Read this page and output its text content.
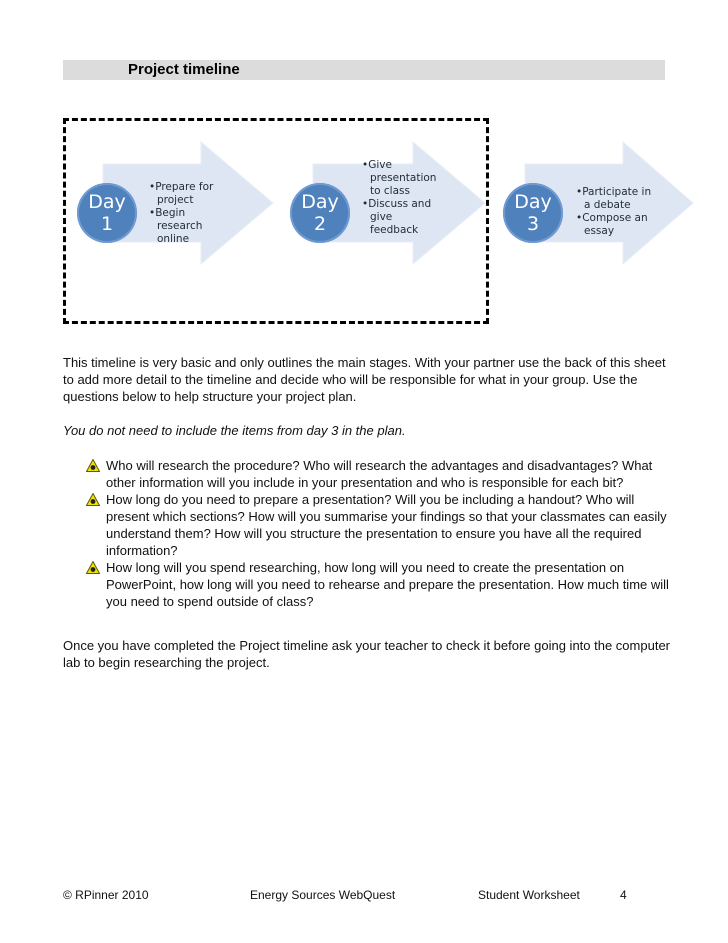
Project timeline
Day
1
Day
2
Day
3
•Prepare for project
•Begin research online
•Give presentation to class
•Discuss and give feedback
•Participate in a debate
•Compose an essay
This timeline is very basic and only outlines the main stages. With your partner use the back of this sheet to add more detail to the timeline and decide who will be responsible for what in your group. Use the questions below to help structure your project plan.
You do not need to include the items from day 3 in the plan.
Who will research the procedure? Who will research the advantages and disadvantages? What other information will you include in your presentation and who is responsible for each bit?
How long do you need to prepare a presentation? Will you be including a handout? Who will present which sections? How will you summarise your findings so that your classmates can easily understand them? How will you structure the presentation to ensure you have all the required information?
How long will you spend researching, how long will you need to create the presentation on PowerPoint, how long will you need to rehearse and prepare the presentation. How much time will you need to spend outside of class?
Once you have completed the Project timeline ask your teacher to check it before going into the computer lab to begin researching the project.
© RPinner 2010	Energy Sources WebQuest	Student Worksheet	4
